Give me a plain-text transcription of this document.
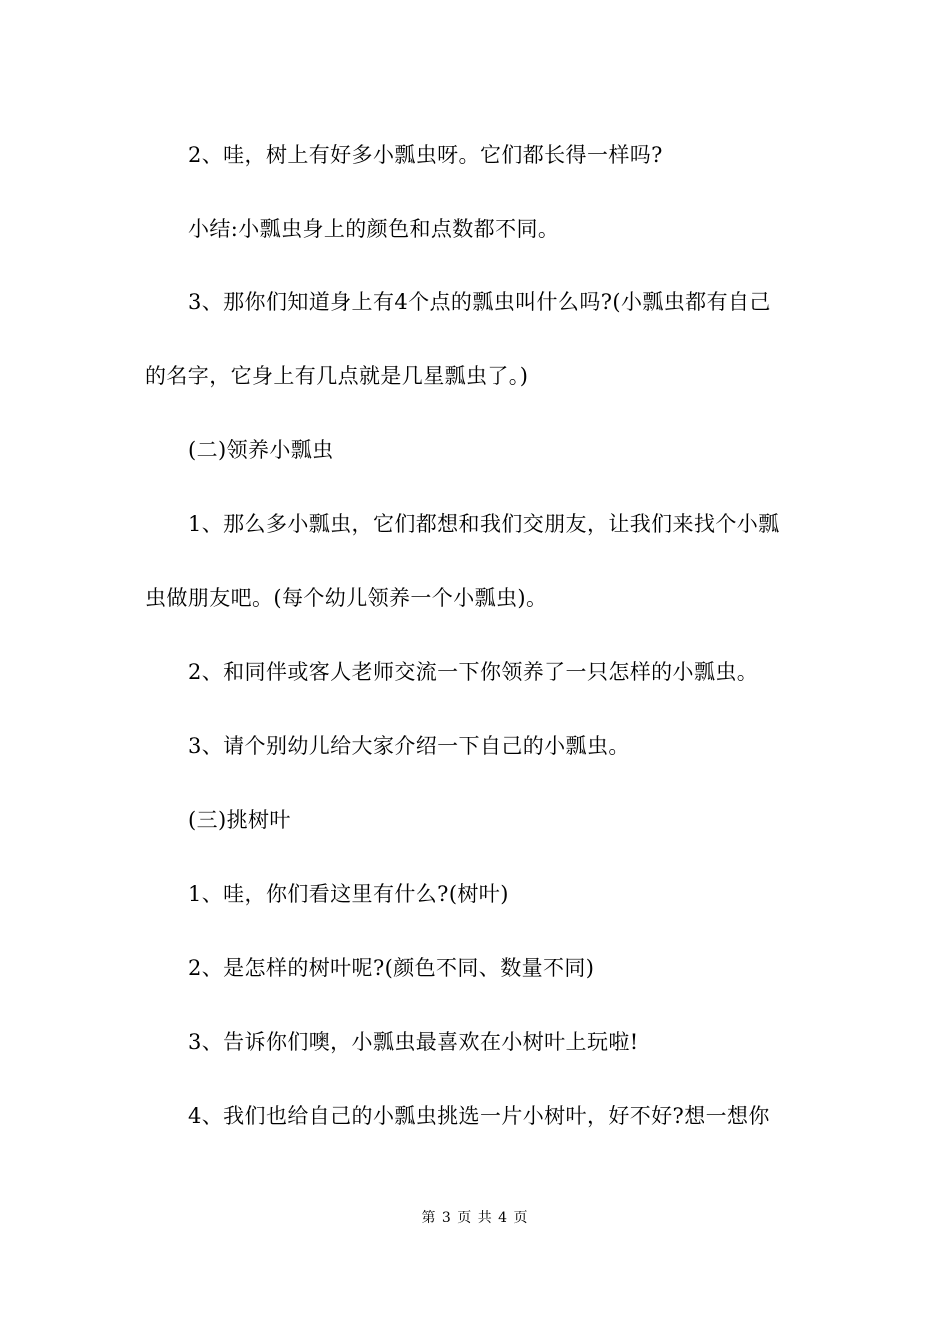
2、哇，树上有好多小瓢虫呀。它们都长得一样吗?
小结:小瓢虫身上的颜色和点数都不同。
3、那你们知道身上有4个点的瓢虫叫什么吗?(小瓢虫都有自己
的名字，它身上有几点就是几星瓢虫了。)
(二)领养小瓢虫
1、那么多小瓢虫，它们都想和我们交朋友，让我们来找个小瓢
虫做朋友吧。(每个幼儿领养一个小瓢虫)。
2、和同伴或客人老师交流一下你领养了一只怎样的小瓢虫。
3、请个别幼儿给大家介绍一下自己的小瓢虫。
(三)挑树叶
1、哇，你们看这里有什么?(树叶)
2、是怎样的树叶呢?(颜色不同、数量不同)
3、告诉你们噢，小瓢虫最喜欢在小树叶上玩啦!
4、我们也给自己的小瓢虫挑选一片小树叶，好不好?想一想你
第 3 页 共 4 页
